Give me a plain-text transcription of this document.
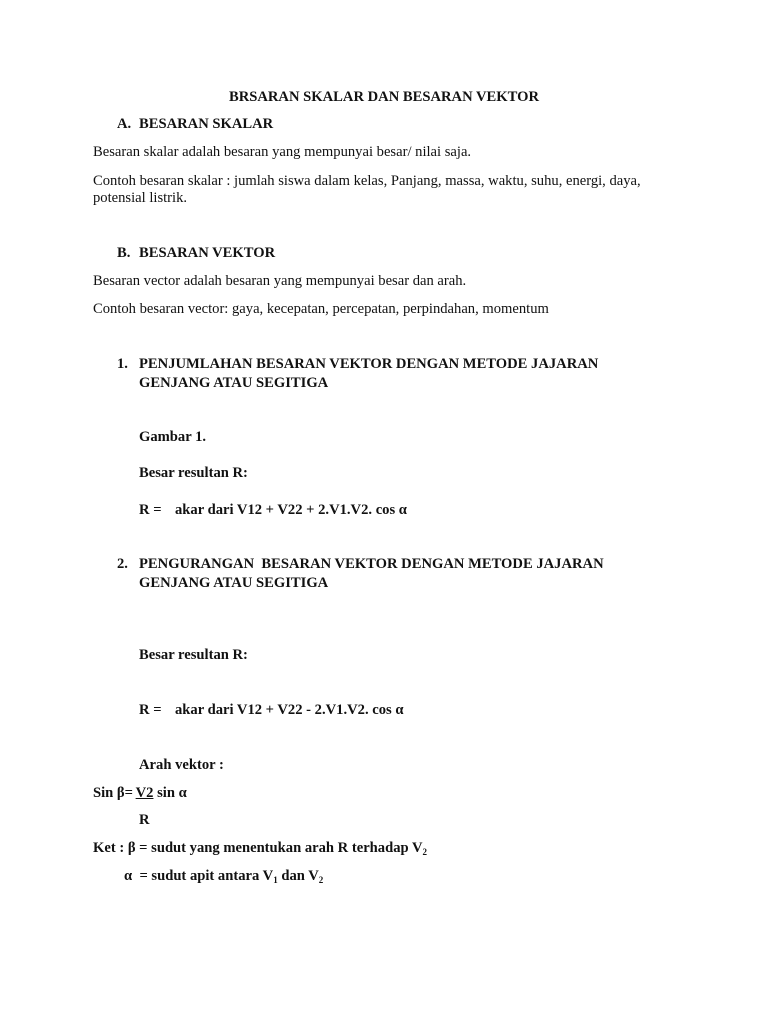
BRSARAN SKALAR DAN BESARAN VEKTOR
A. BESARAN SKALAR
Besaran skalar adalah besaran yang mempunyai besar/ nilai saja.
Contoh besaran skalar : jumlah siswa dalam kelas, Panjang, massa, waktu, suhu, energi, daya,
potensial listrik.
B. BESARAN VEKTOR
Besaran vector adalah besaran yang mempunyai besar dan arah.
Contoh besaran vector: gaya, kecepatan, percepatan, perpindahan, momentum
1. PENJUMLAHAN BESARAN VEKTOR DENGAN METODE JAJARAN
GENJANG ATAU SEGITIGA
Gambar 1.
Besar resultan R:
R = akar dari V12 + V22 + 2.V1.V2. cos α
2. PENGURANGAN  BESARAN VEKTOR DENGAN METODE JAJARAN
GENJANG ATAU SEGITIGA
Besar resultan R:
R = akar dari V12 + V22 - 2.V1.V2. cos α
Arah vektor :
Sin β= V2 sin α
R
Ket : β = sudut yang menentukan arah R terhadap $V_2$
α  = sudut apit antara $V_1$ dan $V_2$
